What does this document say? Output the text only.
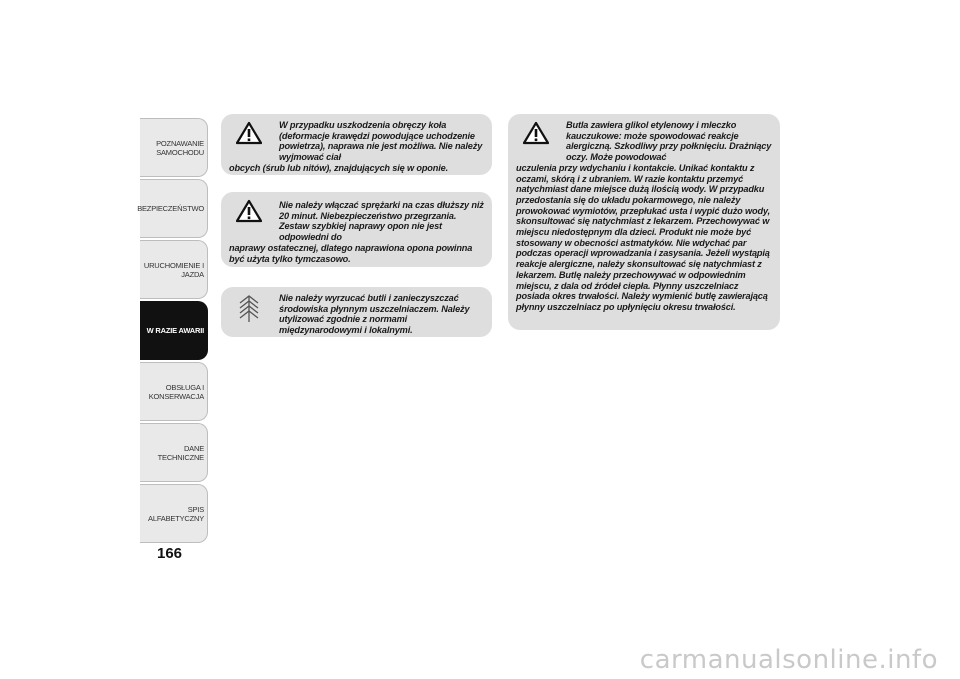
POZNAWANIE
SAMOCHODU
BEZPIECZEŃSTWO
URUCHOMIENIE I
JAZDA
W RAZIE AWARII
OBSŁUGA I
KONSERWACJA
DANE TECHNICZNE
SPIS ALFABETYCZNY
166
W przypadku uszkodzenia obręczy koła (deformacje krawędzi powodujące uchodzenie powietrza), naprawa nie jest możliwa. Nie należy wyjmować ciał
obcych (śrub lub nitów), znajdujących się w oponie.
Nie należy włączać sprężarki na czas dłuższy niż 20 minut. Niebezpieczeństwo przegrzania. Zestaw szybkiej naprawy opon nie jest odpowiedni do
naprawy ostatecznej, dlatego naprawiona opona powinna być użyta tylko tymczasowo.
Nie należy wyrzucać butli i zanieczyszczać środowiska płynnym uszczelniaczem. Należy utylizować zgodnie z normami międzynarodowymi i lokalnymi.
Butla zawiera glikol etylenowy i mleczko kauczukowe: może spowodować reakcje alergiczną. Szkodliwy przy połknięciu. Drażniący oczy. Może powodować
uczulenia przy wdychaniu i kontakcie. Unikać kontaktu z oczami, skórą i z ubraniem. W razie kontaktu przemyć natychmiast dane miejsce dużą ilością wody. W przypadku przedostania się do układu pokarmowego, nie należy prowokować wymiotów, przepłukać usta i wypić dużo wody, skonsultować się natychmiast z lekarzem. Przechowywać w miejscu niedostępnym dla dzieci. Produkt nie może być stosowany w obecności astmatyków. Nie wdychać par podczas operacji wprowadzania i zasysania. Jeżeli wystąpią reakcje alergiczne, należy skonsultować się natychmiast z lekarzem. Butlę należy przechowywać w odpowiednim miejscu, z dala od źródeł ciepła. Płynny uszczelniacz posiada okres trwałości. Należy wymienić butlę zawierającą płynny uszczelniacz po upłynięciu okresu trwałości.
carmanualsonline.info
